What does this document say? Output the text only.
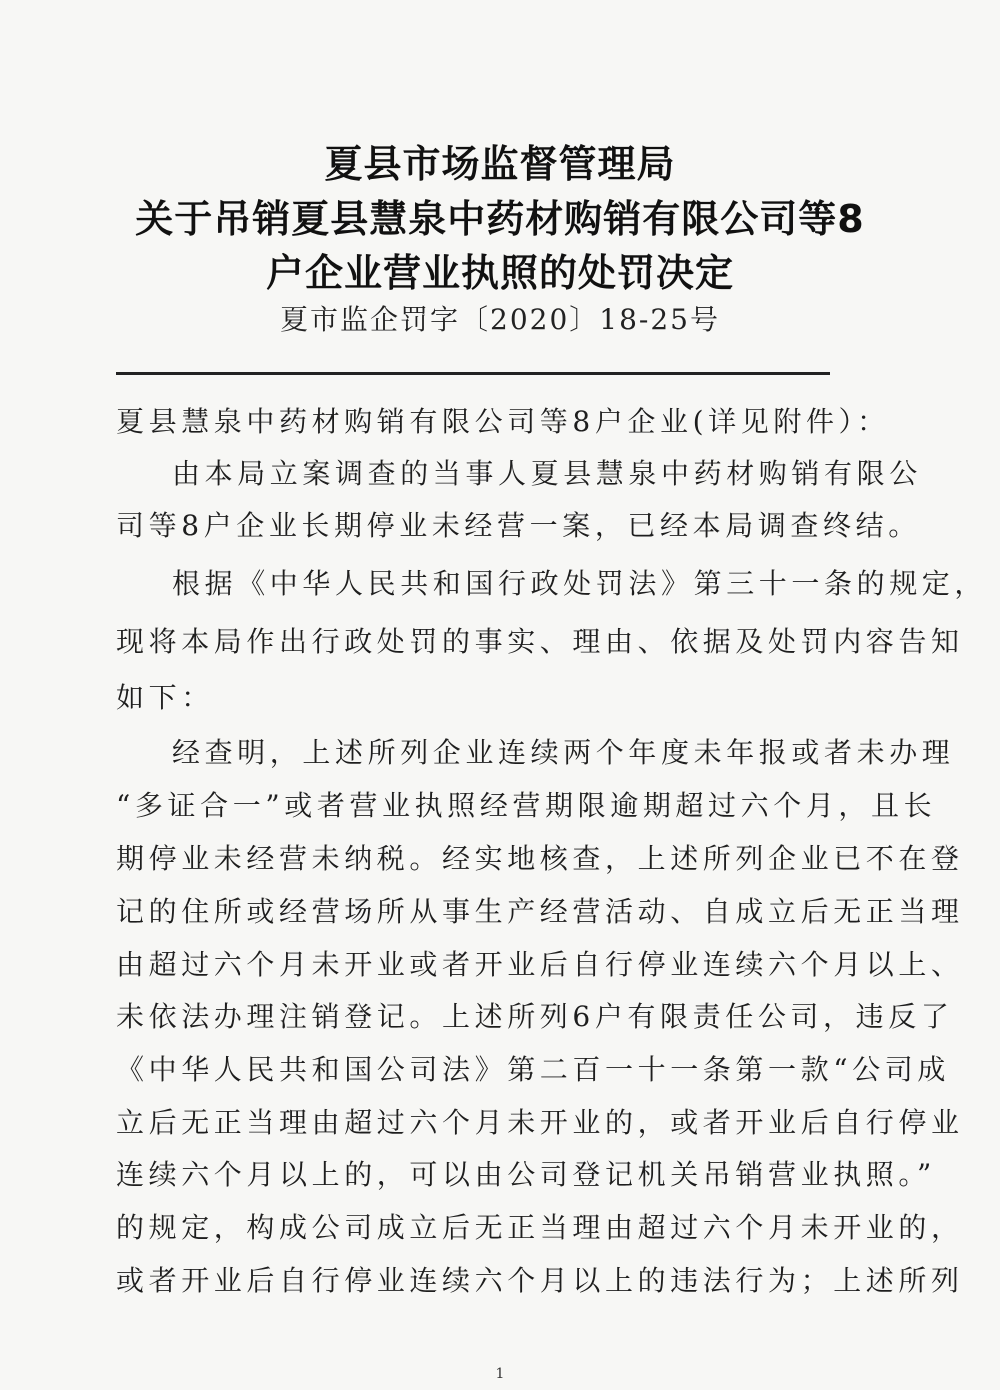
夏县市场监督管理局
关于吊销夏县慧泉中药材购销有限公司等8
户企业营业执照的处罚决定
夏市监企罚字〔2020〕18-25号
夏县慧泉中药材购销有限公司等8户企业(详见附件）：
由本局立案调查的当事人夏县慧泉中药材购销有限公
司等8户企业长期停业未经营一案，已经本局调查终结。
根据《中华人民共和国行政处罚法》第三十一条的规定，
现将本局作出行政处罚的事实、理由、依据及处罚内容告知
如下：
经查明，上述所列企业连续两个年度未年报或者未办理
“多证合一”或者营业执照经营期限逾期超过六个月，且长
期停业未经营未纳税。经实地核查，上述所列企业已不在登
记的住所或经营场所从事生产经营活动、自成立后无正当理
由超过六个月未开业或者开业后自行停业连续六个月以上、
未依法办理注销登记。上述所列6户有限责任公司，违反了
《中华人民共和国公司法》第二百一十一条第一款“公司成
立后无正当理由超过六个月未开业的，或者开业后自行停业
连续六个月以上的，可以由公司登记机关吊销营业执照。”
的规定，构成公司成立后无正当理由超过六个月未开业的，
或者开业后自行停业连续六个月以上的违法行为；上述所列
1
